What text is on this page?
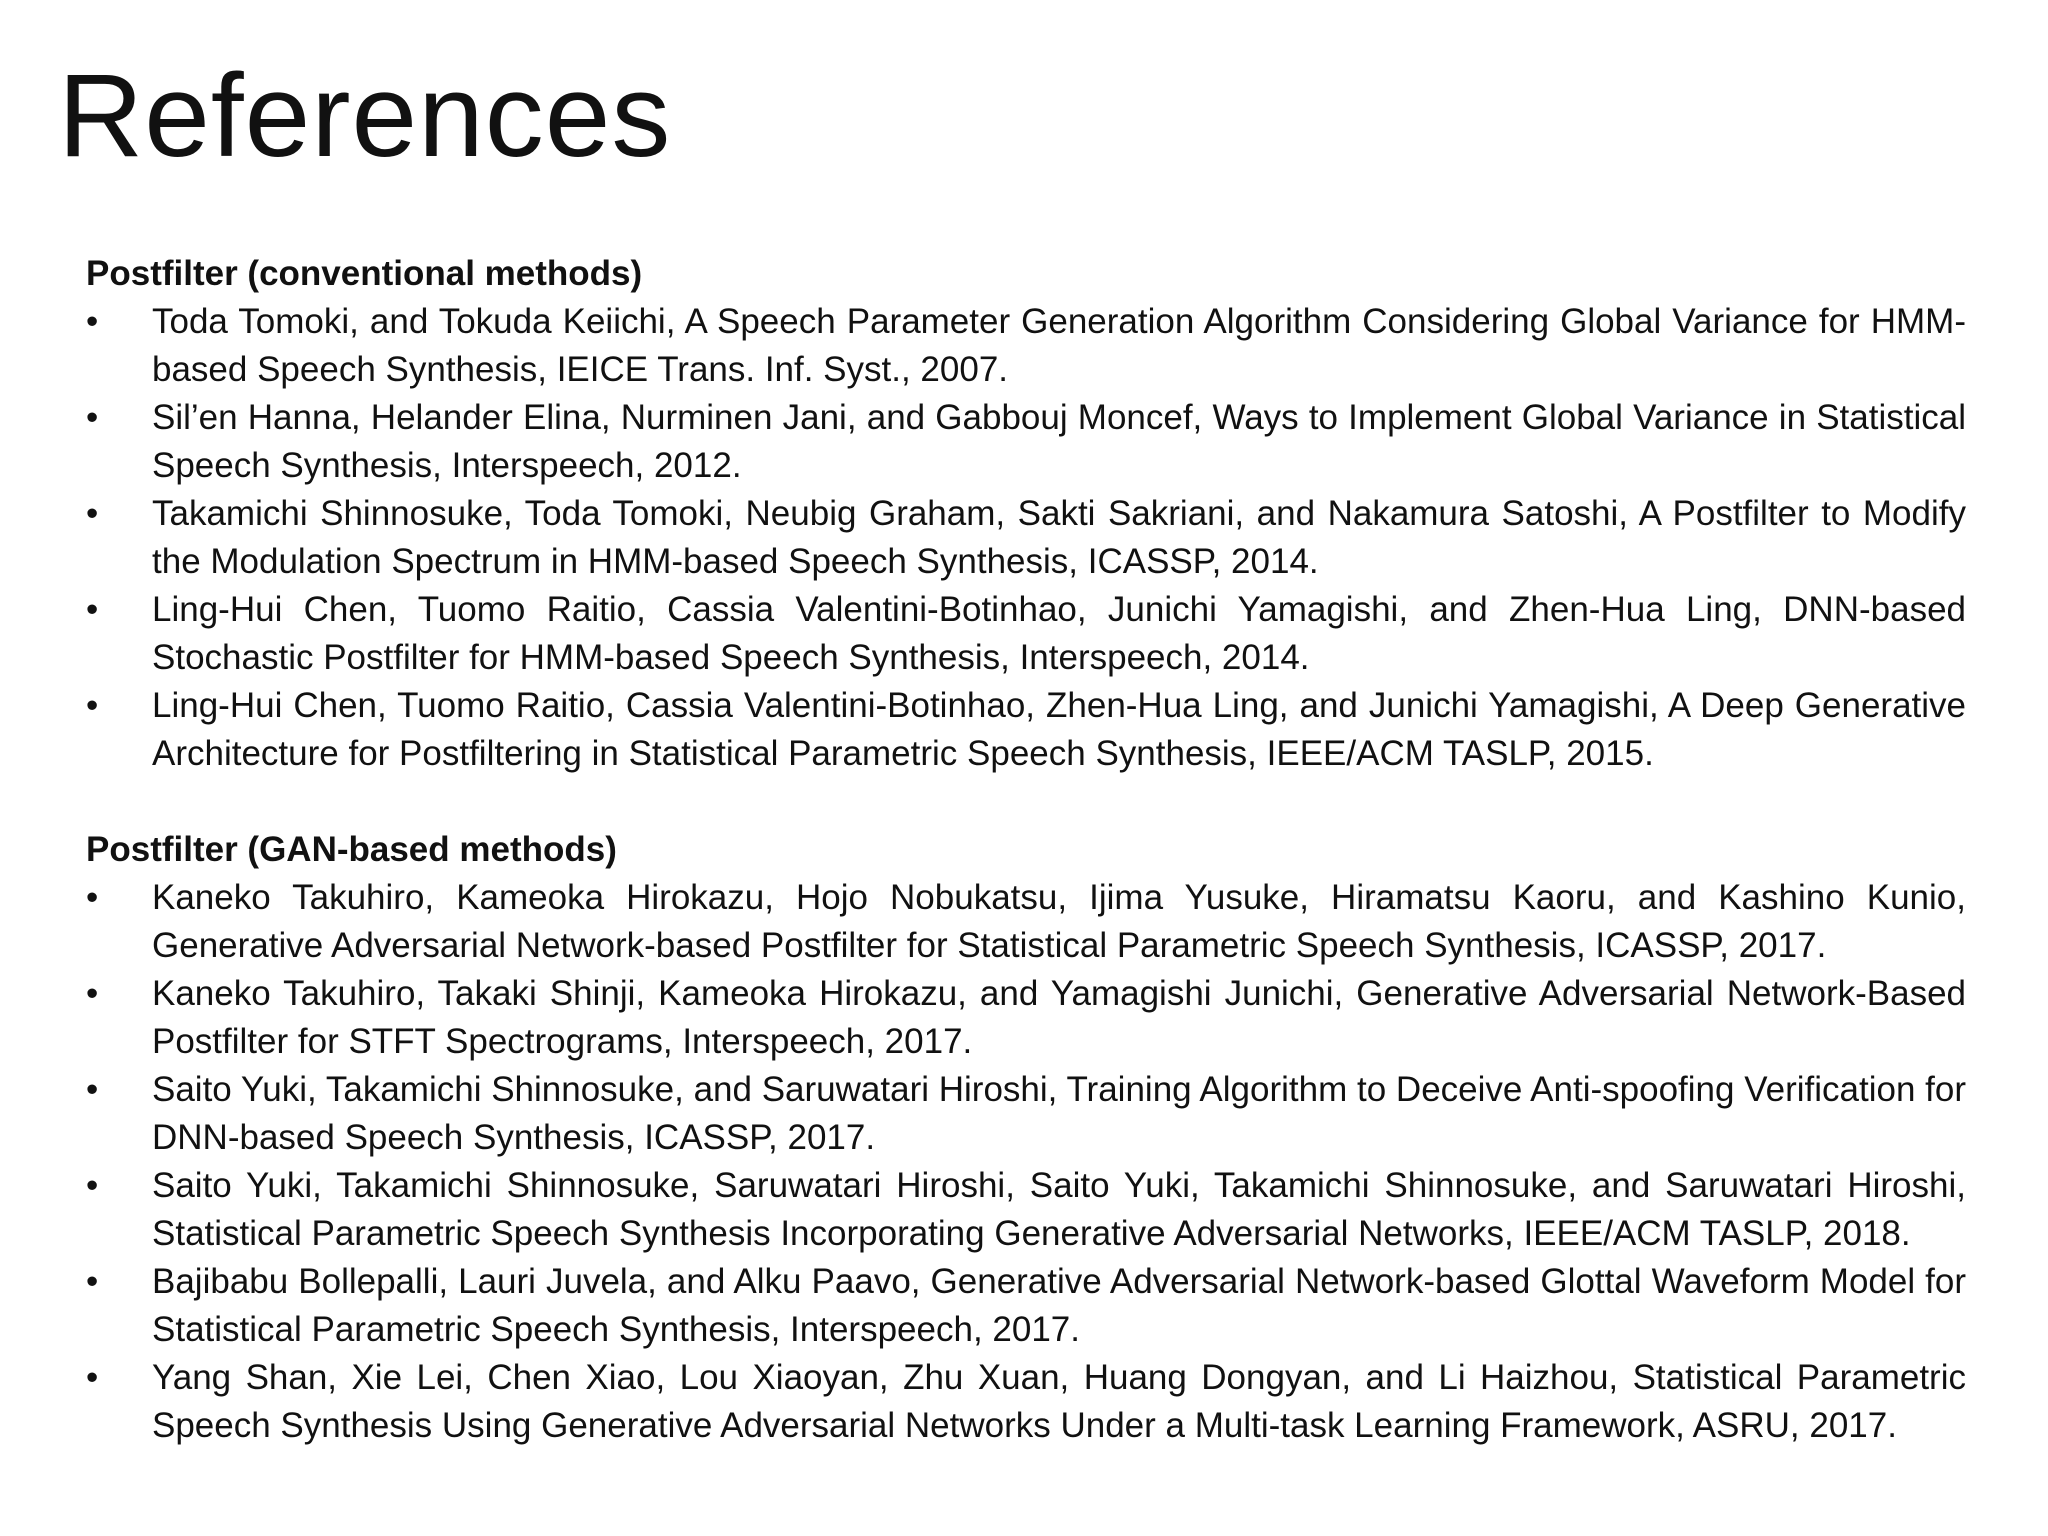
References

Postfilter (conventional methods)

• Toda Tomoki, and Tokuda Keiichi, A Speech Parameter Generation Algorithm Considering Global Variance for HMM-based Speech Synthesis, IEICE Trans. Inf. Syst., 2007.
• Sil’en Hanna, Helander Elina, Nurminen Jani, and Gabbouj Moncef, Ways to Implement Global Variance in Statistical Speech Synthesis, Interspeech, 2012.
• Takamichi Shinnosuke, Toda Tomoki, Neubig Graham, Sakti Sakriani, and Nakamura Satoshi, A Postfilter to Modify the Modulation Spectrum in HMM-based Speech Synthesis, ICASSP, 2014.
• Ling-Hui Chen, Tuomo Raitio, Cassia Valentini-Botinhao, Junichi Yamagishi, and Zhen-Hua Ling, DNN-based Stochastic Postfilter for HMM-based Speech Synthesis, Interspeech, 2014.
• Ling-Hui Chen, Tuomo Raitio, Cassia Valentini-Botinhao, Zhen-Hua Ling, and Junichi Yamagishi, A Deep Generative Architecture for Postfiltering in Statistical Parametric Speech Synthesis, IEEE/ACM TASLP, 2015.

Postfilter (GAN-based methods)

• Kaneko Takuhiro, Kameoka Hirokazu, Hojo Nobukatsu, Ijima Yusuke, Hiramatsu Kaoru, and Kashino Kunio, Generative Adversarial Network-based Postfilter for Statistical Parametric Speech Synthesis, ICASSP, 2017.
• Kaneko Takuhiro, Takaki Shinji, Kameoka Hirokazu, and Yamagishi Junichi, Generative Adversarial Network-Based Postfilter for STFT Spectrograms, Interspeech, 2017.
• Saito Yuki, Takamichi Shinnosuke, and Saruwatari Hiroshi, Training Algorithm to Deceive Anti-spoofing Verification for DNN-based Speech Synthesis, ICASSP, 2017.
• Saito Yuki, Takamichi Shinnosuke, Saruwatari Hiroshi, Saito Yuki, Takamichi Shinnosuke, and Saruwatari Hiroshi, Statistical Parametric Speech Synthesis Incorporating Generative Adversarial Networks, IEEE/ACM TASLP, 2018.
• Bajibabu Bollepalli, Lauri Juvela, and Alku Paavo, Generative Adversarial Network-based Glottal Waveform Model for Statistical Parametric Speech Synthesis, Interspeech, 2017.
• Yang Shan, Xie Lei, Chen Xiao, Lou Xiaoyan, Zhu Xuan, Huang Dongyan, and Li Haizhou, Statistical Parametric Speech Synthesis Using Generative Adversarial Networks Under a Multi-task Learning Framework, ASRU, 2017.
